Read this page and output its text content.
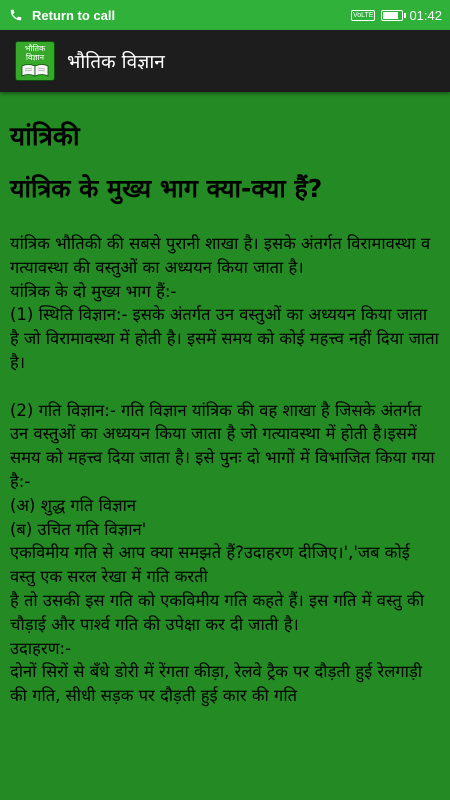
Return to call	VoLTE	01:42
भौतिक
विज्ञान भौतिक विज्ञान
यांत्रिकी
यांत्रिक के मुख्य भाग क्या-क्या हैं?

यांत्रिक भौतिकी की सबसे पुरानी शाखा है। इसके अंतर्गत विरामावस्था व गत्यावस्था की वस्तुओं का अध्ययन किया जाता है।

यांत्रिक के दो मुख्य भाग हैं:-

(1) स्थिति विज्ञान:- इसके अंतर्गत उन वस्तुओं का अध्ययन किया जाता है जो विरामावस्था में होती है। इसमें समय को कोई महत्त्व नहीं दिया जाता है।

(2) गति विज्ञान:- गति विज्ञान यांत्रिक की वह शाखा है जिसके अंतर्गत उन वस्तुओं का अध्ययन किया जाता है जो गत्यावस्था में होती है।इसमें समय को महत्त्व दिया जाता है। इसे पुनः दो भागों में विभाजित किया गया है:-

(अ) शुद्ध गति विज्ञान

(ब) उचित गति विज्ञान'

एकविमीय गति से आप क्या समझते हैं?उदाहरण दीजिए।','जब कोई वस्तु एक सरल रेखा में गति करती

है तो उसकी इस गति को एकविमीय गति कहते हैं। इस गति में वस्तु की चौड़ाई और पार्श्व गति की उपेक्षा कर दी जाती है।

उदाहरण:-

दोनों सिरों से बँधे डोरी में रेंगता कीड़ा, रेलवे ट्रैक पर दौड़ती हुई रेलगाड़ी की गति, सीधी सड़क पर दौड़ती हुई कार की गति
